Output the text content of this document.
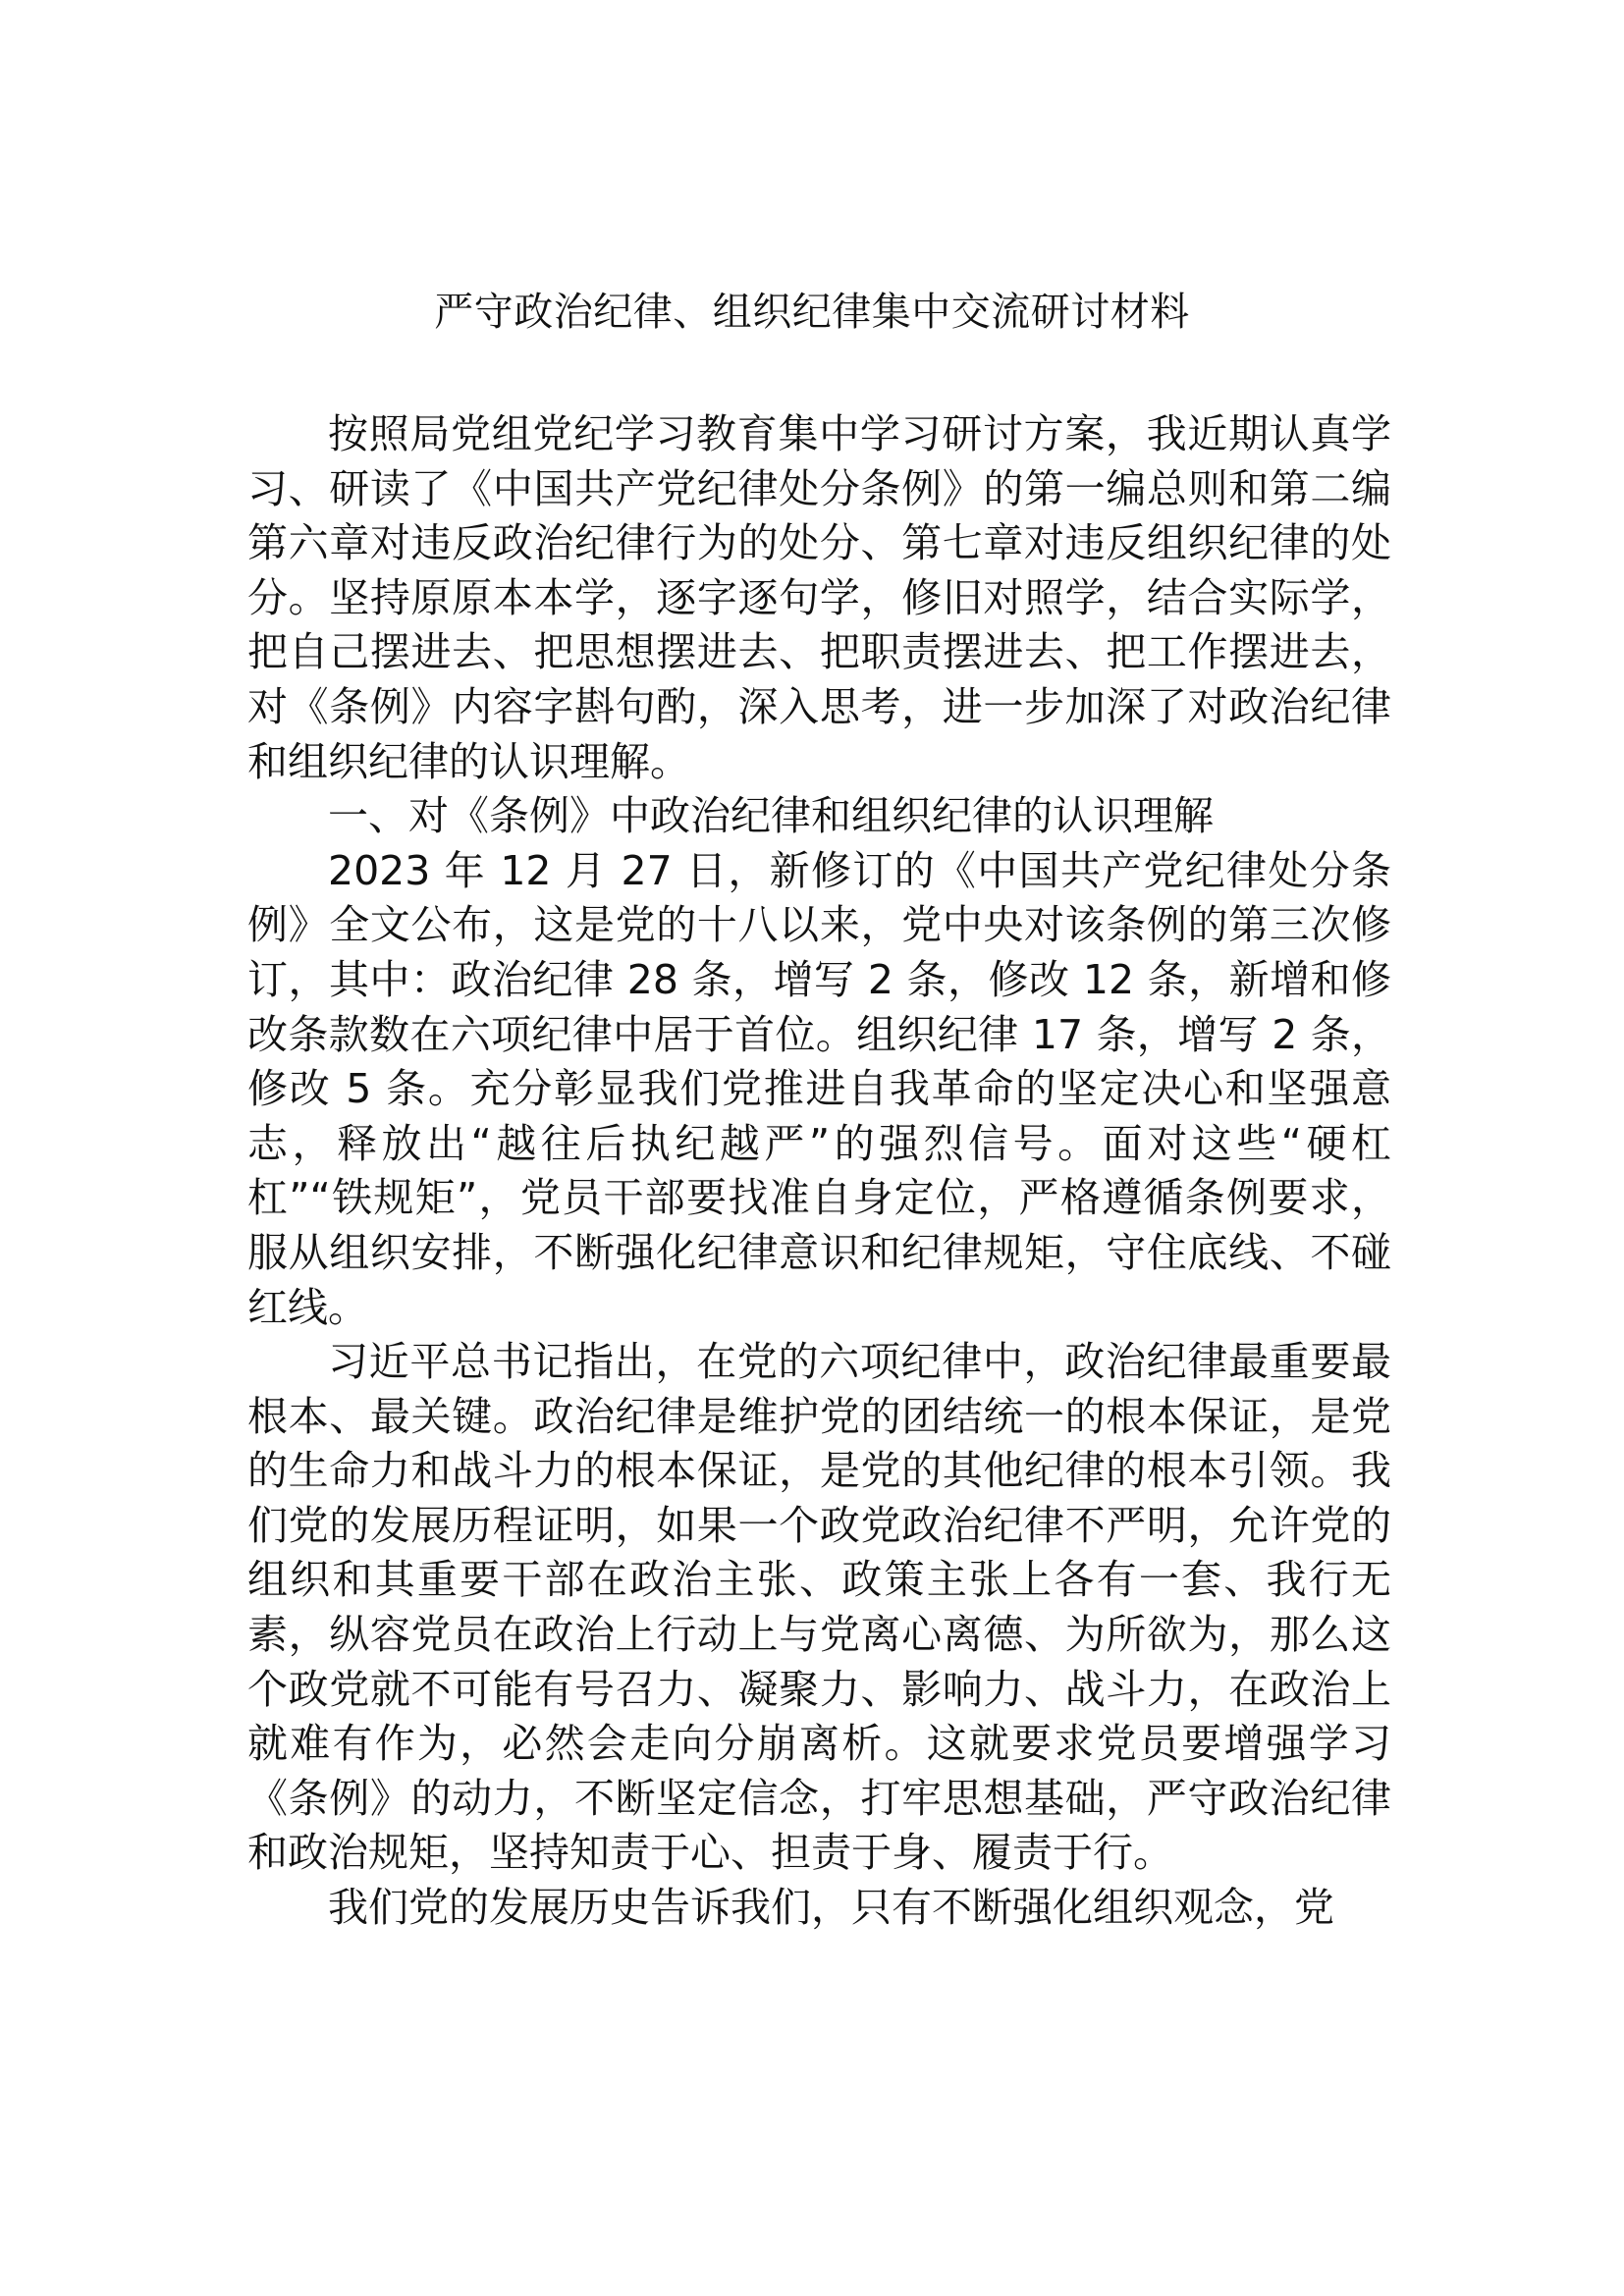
严守政治纪律、组织纪律集中交流研讨材料

按照局党组党纪学习教育集中学习研讨方案，我近期认真学习、研读了《中国共产党纪律处分条例》的第一编总则和第二编第六章对违反政治纪律行为的处分、第七章对违反组织纪律的处分。坚持原原本本学，逐字逐句学，修旧对照学，结合实际学，把自己摆进去、把思想摆进去、把职责摆进去、把工作摆进去，对《条例》内容字斟句酌，深入思考，进一步加深了对政治纪律和组织纪律的认识理解。

一、对《条例》中政治纪律和组织纪律的认识理解

2023 年 12 月 27 日，新修订的《中国共产党纪律处分条例》全文公布，这是党的十八以来，党中央对该条例的第三次修订，其中：政治纪律 28 条，增写 2 条，修改 12 条，新增和修改条款数在六项纪律中居于首位。组织纪律 17 条，增写 2 条，修改 5 条。充分彰显我们党推进自我革命的坚定决心和坚强意志，释放出“越往后执纪越严”的强烈信号。面对这些“硬杠杠”“铁规矩”，党员干部要找准自身定位，严格遵循条例要求，服从组织安排，不断强化纪律意识和纪律规矩，守住底线、不碰红线。

习近平总书记指出，在党的六项纪律中，政治纪律最重要最根本、最关键。政治纪律是维护党的团结统一的根本保证，是党的生命力和战斗力的根本保证，是党的其他纪律的根本引领。我们党的发展历程证明，如果一个政党政治纪律不严明，允许党的组织和其重要干部在政治主张、政策主张上各有一套、我行无素，纵容党员在政治上行动上与党离心离德、为所欲为，那么这个政党就不可能有号召力、凝聚力、影响力、战斗力，在政治上就难有作为，必然会走向分崩离析。这就要求党员要增强学习《条例》的动力，不断坚定信念，打牢思想基础，严守政治纪律和政治规矩，坚持知责于心、担责于身、履责于行。

我们党的发展历史告诉我们，只有不断强化组织观念，党
